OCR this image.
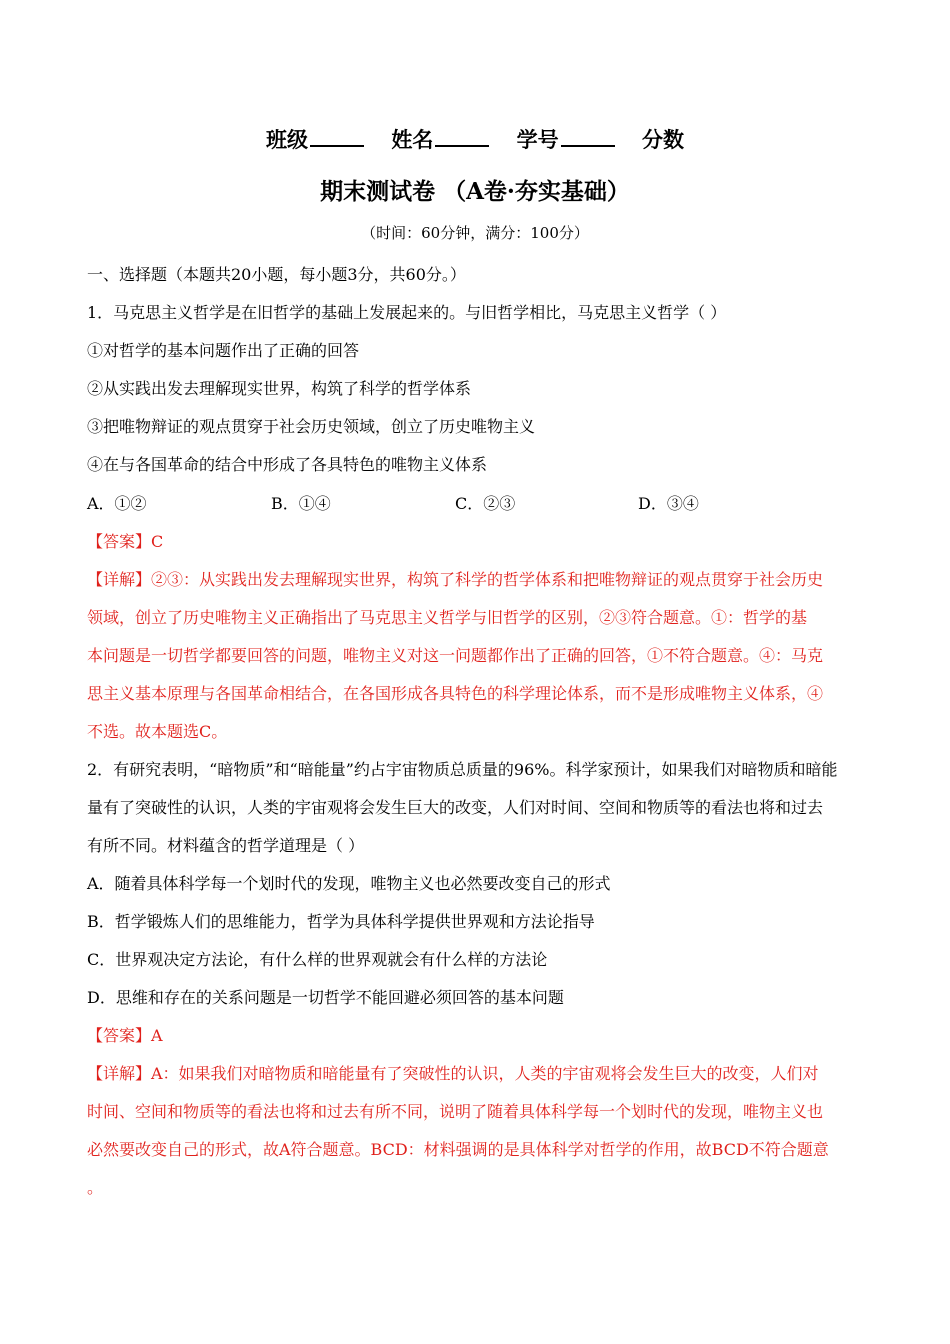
班级	姓名	学号	分数
期末测试卷 （A卷·夯实基础）
（时间：60分钟，满分：100分）
一、选择题（本题共20小题，每小题3分，共60分。）
1．马克思主义哲学是在旧哲学的基础上发展起来的。与旧哲学相比，马克思主义哲学（ ）
①对哲学的基本问题作出了正确的回答
②从实践出发去理解现实世界，构筑了科学的哲学体系
③把唯物辩证的观点贯穿于社会历史领域，创立了历史唯物主义
④在与各国革命的结合中形成了各具特色的唯物主义体系
A．①②	B．①④	C．②③	D．③④
【答案】C
【详解】②③：从实践出发去理解现实世界，构筑了科学的哲学体系和把唯物辩证的观点贯穿于社会历史
领域，创立了历史唯物主义正确指出了马克思主义哲学与旧哲学的区别，②③符合题意。①：哲学的基
本问题是一切哲学都要回答的问题，唯物主义对这一问题都作出了正确的回答，①不符合题意。④：马克
思主义基本原理与各国革命相结合，在各国形成各具特色的科学理论体系，而不是形成唯物主义体系，④
不选。故本题选C。
2．有研究表明，“暗物质”和“暗能量”约占宇宙物质总质量的96%。科学家预计，如果我们对暗物质和暗能
量有了突破性的认识，人类的宇宙观将会发生巨大的改变，人们对时间、空间和物质等的看法也将和过去
有所不同。材料蕴含的哲学道理是（ ）
A．随着具体科学每一个划时代的发现，唯物主义也必然要改变自己的形式
B．哲学锻炼人们的思维能力，哲学为具体科学提供世界观和方法论指导
C．世界观决定方法论，有什么样的世界观就会有什么样的方法论
D．思维和存在的关系问题是一切哲学不能回避必须回答的基本问题
【答案】A
【详解】A：如果我们对暗物质和暗能量有了突破性的认识，人类的宇宙观将会发生巨大的改变，人们对
时间、空间和物质等的看法也将和过去有所不同，说明了随着具体科学每一个划时代的发现，唯物主义也
必然要改变自己的形式，故A符合题意。BCD：材料强调的是具体科学对哲学的作用，故BCD不符合题意
。
